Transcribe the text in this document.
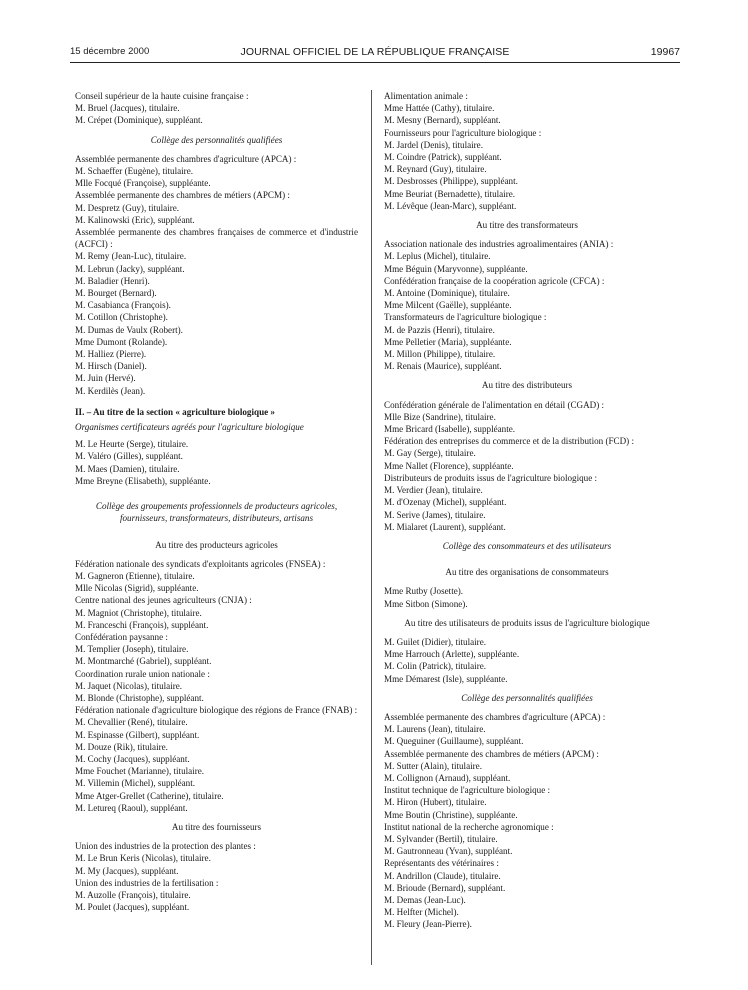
15 décembre 2000	JOURNAL OFFICIEL DE LA RÉPUBLIQUE FRANÇAISE	19967
Conseil supérieur de la haute cuisine française :
M. Bruel (Jacques), titulaire.
M. Crépet (Dominique), suppléant.
Collège des personnalités qualifiées
Assemblée permanente des chambres d'agriculture (APCA) :
M. Schaeffer (Eugène), titulaire.
Mlle Focqué (Françoise), suppléante.
Assemblée permanente des chambres de métiers (APCM) :
M. Despretz (Guy), titulaire.
M. Kalinowski (Eric), suppléant.
Assemblée permanente des chambres françaises de commerce et d'industrie (ACFCI) :
M. Remy (Jean-Luc), titulaire.
M. Lebrun (Jacky), suppléant.
M. Baladier (Henri).
M. Bourget (Bernard).
M. Casabianca (François).
M. Cotillon (Christophe).
M. Dumas de Vaulx (Robert).
Mme Dumont (Rolande).
M. Halliez (Pierre).
M. Hirsch (Daniel).
M. Juin (Hervé).
M. Kerdilès (Jean).
II. – Au titre de la section « agriculture biologique »
Organismes certificateurs agréés pour l'agriculture biologique
M. Le Heurte (Serge), titulaire.
M. Valéro (Gilles), suppléant.
M. Maes (Damien), titulaire.
Mme Breyne (Elisabeth), suppléante.
Collège des groupements professionnels de producteurs agricoles, fournisseurs, transformateurs, distributeurs, artisans
Au titre des producteurs agricoles
Fédération nationale des syndicats d'exploitants agricoles (FNSEA) :
M. Gagneron (Etienne), titulaire.
Mlle Nicolas (Sigrid), suppléante.
Centre national des jeunes agriculteurs (CNJA) :
M. Magniot (Christophe), titulaire.
M. Franceschi (François), suppléant.
Confédération paysanne :
M. Templier (Joseph), titulaire.
M. Montmarché (Gabriel), suppléant.
Coordination rurale union nationale :
M. Jaquet (Nicolas), titulaire.
M. Blonde (Christophe), suppléant.
Fédération nationale d'agriculture biologique des régions de France (FNAB) :
M. Chevallier (René), titulaire.
M. Espinasse (Gilbert), suppléant.
M. Douze (Rik), titulaire.
M. Cochy (Jacques), suppléant.
Mme Fouchet (Marianne), titulaire.
M. Villemin (Michel), suppléant.
Mme Atger-Grellet (Catherine), titulaire.
M. Letureq (Raoul), suppléant.
Au titre des fournisseurs
Union des industries de la protection des plantes :
M. Le Brun Keris (Nicolas), titulaire.
M. My (Jacques), suppléant.
Union des industries de la fertilisation :
M. Auzolle (François), titulaire.
M. Poulet (Jacques), suppléant.
Alimentation animale :
Mme Hattée (Cathy), titulaire.
M. Mesny (Bernard), suppléant.
Fournisseurs pour l'agriculture biologique :
M. Jardel (Denis), titulaire.
M. Coindre (Patrick), suppléant.
M. Reynard (Guy), titulaire.
M. Desbrosses (Philippe), suppléant.
Mme Beuriat (Bernadette), titulaire.
M. Lévêque (Jean-Marc), suppléant.
Au titre des transformateurs
Association nationale des industries agroalimentaires (ANIA) :
M. Leplus (Michel), titulaire.
Mme Béguin (Maryvonne), suppléante.
Confédération française de la coopération agricole (CFCA) :
M. Antoine (Dominique), titulaire.
Mme Milcent (Gaëlle), suppléante.
Transformateurs de l'agriculture biologique :
M. de Pazzis (Henri), titulaire.
Mme Pelletier (Maria), suppléante.
M. Millon (Philippe), titulaire.
M. Renais (Maurice), suppléant.
Au titre des distributeurs
Confédération générale de l'alimentation en détail (CGAD) :
Mlle Bize (Sandrine), titulaire.
Mme Bricard (Isabelle), suppléante.
Fédération des entreprises du commerce et de la distribution (FCD) :
M. Gay (Serge), titulaire.
Mme Nallet (Florence), suppléante.
Distributeurs de produits issus de l'agriculture biologique :
M. Verdier (Jean), titulaire.
M. d'Ozenay (Michel), suppléant.
M. Serive (James), titulaire.
M. Mialaret (Laurent), suppléant.
Collège des consommateurs et des utilisateurs
Au titre des organisations de consommateurs
Mme Rutby (Josette).
Mme Sitbon (Simone).
Au titre des utilisateurs de produits issus de l'agriculture biologique
M. Guilet (Didier), titulaire.
Mme Harrouch (Arlette), suppléante.
M. Colin (Patrick), titulaire.
Mme Démarest (Isle), suppléante.
Collège des personnalités qualifiées
Assemblée permanente des chambres d'agriculture (APCA) :
M. Laurens (Jean), titulaire.
M. Queguiner (Guillaume), suppléant.
Assemblée permanente des chambres de métiers (APCM) :
M. Sutter (Alain), titulaire.
M. Collignon (Arnaud), suppléant.
Institut technique de l'agriculture biologique :
M. Hiron (Hubert), titulaire.
Mme Boutin (Christine), suppléante.
Institut national de la recherche agronomique :
M. Sylvander (Bertil), titulaire.
M. Gautronneau (Yvan), suppléant.
Représentants des vétérinaires :
M. Andrillon (Claude), titulaire.
M. Brioude (Bernard), suppléant.
M. Demas (Jean-Luc).
M. Helfter (Michel).
M. Fleury (Jean-Pierre).
